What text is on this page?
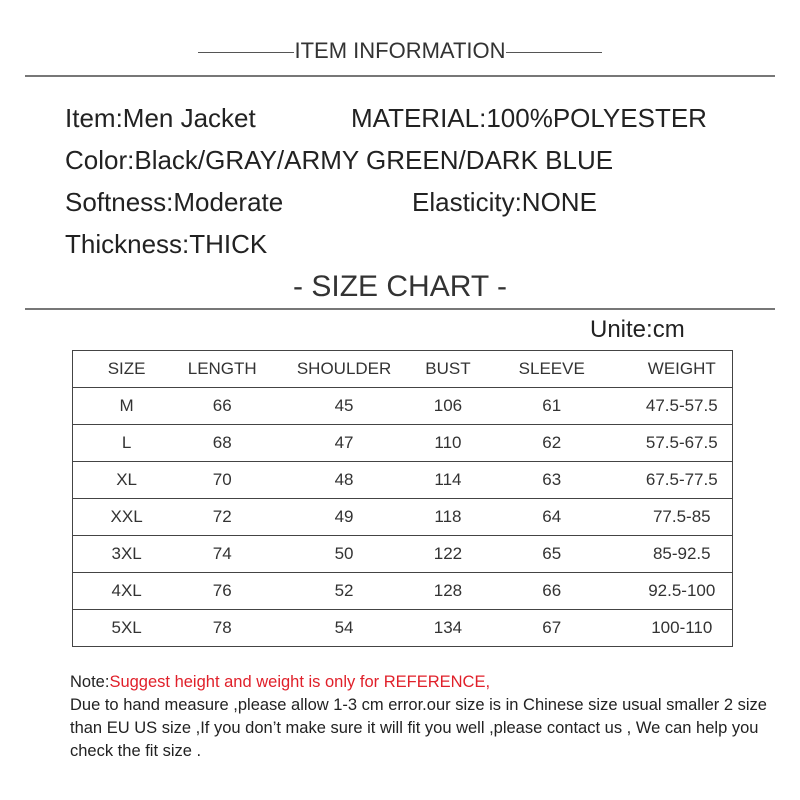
ITEM INFORMATION
Item:Men Jacket	MATERIAL:100%POLYESTER
Color:Black/GRAY/ARMY GREEN/DARK BLUE
Softness:Moderate	Elasticity:NONE
Thickness:THICK
- SIZE CHART -
Unite:cm
SIZE	LENGTH	SHOULDER	BUST	SLEEVE	WEIGHT
M	66	45	106	61	47.5-57.5
L	68	47	110	62	57.5-67.5
XL	70	48	114	63	67.5-77.5
XXL	72	49	118	64	77.5-85
3XL	74	50	122	65	85-92.5
4XL	76	52	128	66	92.5-100
5XL	78	54	134	67	100-110
Note:Suggest height and weight is only for REFERENCE,
Due to hand measure ,please allow 1-3 cm error.our size is in Chinese size usual smaller 2 size than EU US size ,If you don’t make sure it will fit you well ,please contact us , We can help you check the fit size .
